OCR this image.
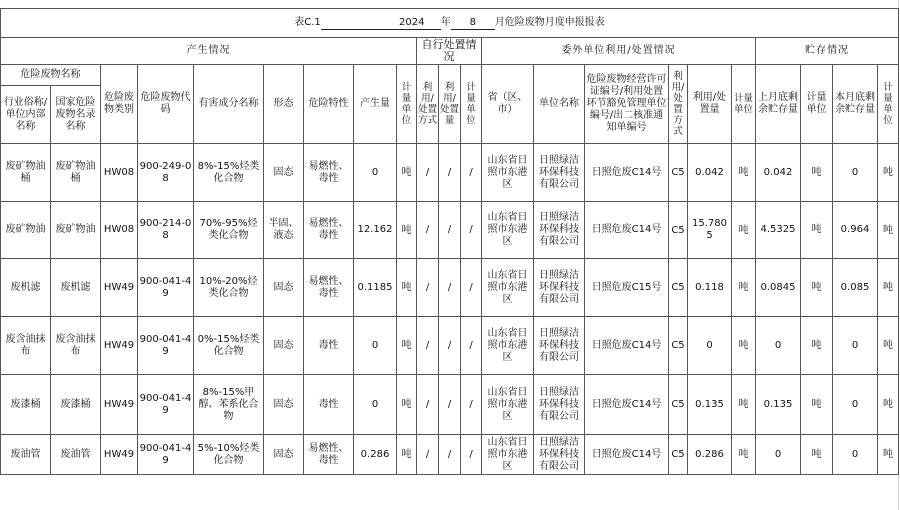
表C.1 2024 年 8 月危险废物月度申报报表																					
产生情况									自行处置情况			委外单位利用/处置情况						贮存情况			
危险废物名称		危险废物类别	危险废物代码	有害成分名称	形态	危险特性	产生量	计量单位	利用/处置方式	利用/处置量	计量单位	省（区、市）	单位名称	危险废物经营许可证编号/利用处置环节豁免管理单位编号/出二核准通知单编号	利用/处置方式	利用/处置量	计量单位	上月底剩余贮存量	计量单位	本月底剩余贮存量	计量单位
行业俗称/单位内部名称	国家危险废物名录名称																				
废矿物油桶	废矿物油桶	HW08	900-249-08	8%-15%烃类化合物	固态	易燃性、毒性	0	吨	/	/	/	山东省日照市东港区	日照绿洁环保科技有限公司	日照危废C14号	C5	0.042	吨	0.042	吨	0	吨
废矿物油	废矿物油	HW08	900-214-08	70%-95%烃类化合物	半固、液态	易燃性、毒性	12.162	吨	/	/	/	山东省日照市东港区	日照绿洁环保科技有限公司	日照危废C14号	C5	15.7805	吨	4.5325	吨	0.964	吨
废机滤	废机滤	HW49	900-041-49	10%-20%烃类化合物	固态	易燃性、毒性	0.1185	吨	/	/	/	山东省日照市东港区	日照绿洁环保科技有限公司	日照危废C15号	C5	0.118	吨	0.0845	吨	0.085	吨
废含油抹布	废含油抹布	HW49	900-041-49	0%-15%烃类化合物	固态	毒性	0	吨	/	/	/	山东省日照市东港区	日照绿洁环保科技有限公司	日照危废C14号	C5	0	吨	0	吨	0	吨
废漆桶	废漆桶	HW49	900-041-49	8%-15%甲醇、苯系化合物	固态	毒性	0	吨	/	/	/	山东省日照市东港区	日照绿洁环保科技有限公司	日照危废C14号	C5	0.135	吨	0.135	吨	0	吨
废油管	废油管	HW49	900-041-49	5%-10%烃类化合物	固态	易燃性、毒性	0.286	吨	/	/	/	山东省日照市东港区	日照绿洁环保科技有限公司	日照危废C14号	C5	0.286	吨	0	吨	0	吨
